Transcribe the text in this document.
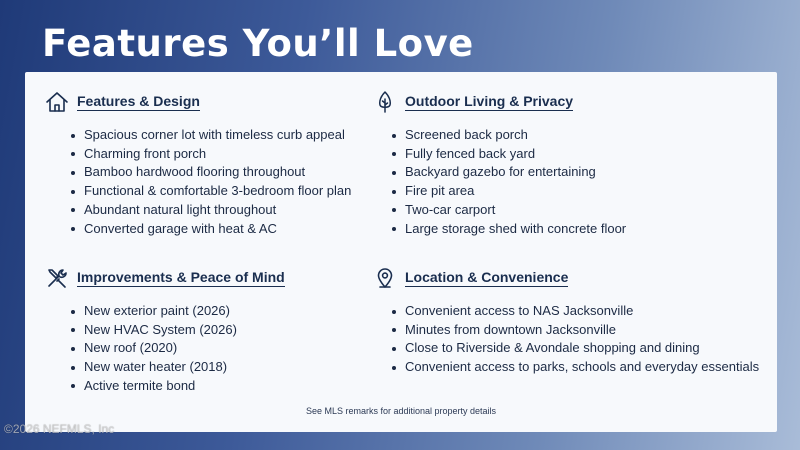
Features You’ll Love
Features & Design
Spacious corner lot with timeless curb appeal
Charming front porch
Bamboo hardwood flooring throughout
Functional & comfortable 3-bedroom floor plan
Abundant natural light throughout
Converted garage with heat & AC
Outdoor Living & Privacy
Screened back porch
Fully fenced back yard
Backyard gazebo for entertaining
Fire pit area
Two-car carport
Large storage shed with concrete floor
Improvements & Peace of Mind
New exterior paint (2026)
New HVAC System (2026)
New roof (2020)
New water heater (2018)
Active termite bond
Location & Convenience
Convenient access to NAS Jacksonville
Minutes from downtown Jacksonville
Close to Riverside & Avondale shopping and dining
Convenient access to parks, schools and everyday essentials
See MLS remarks for additional property details
©2026 NEFMLS, Inc
